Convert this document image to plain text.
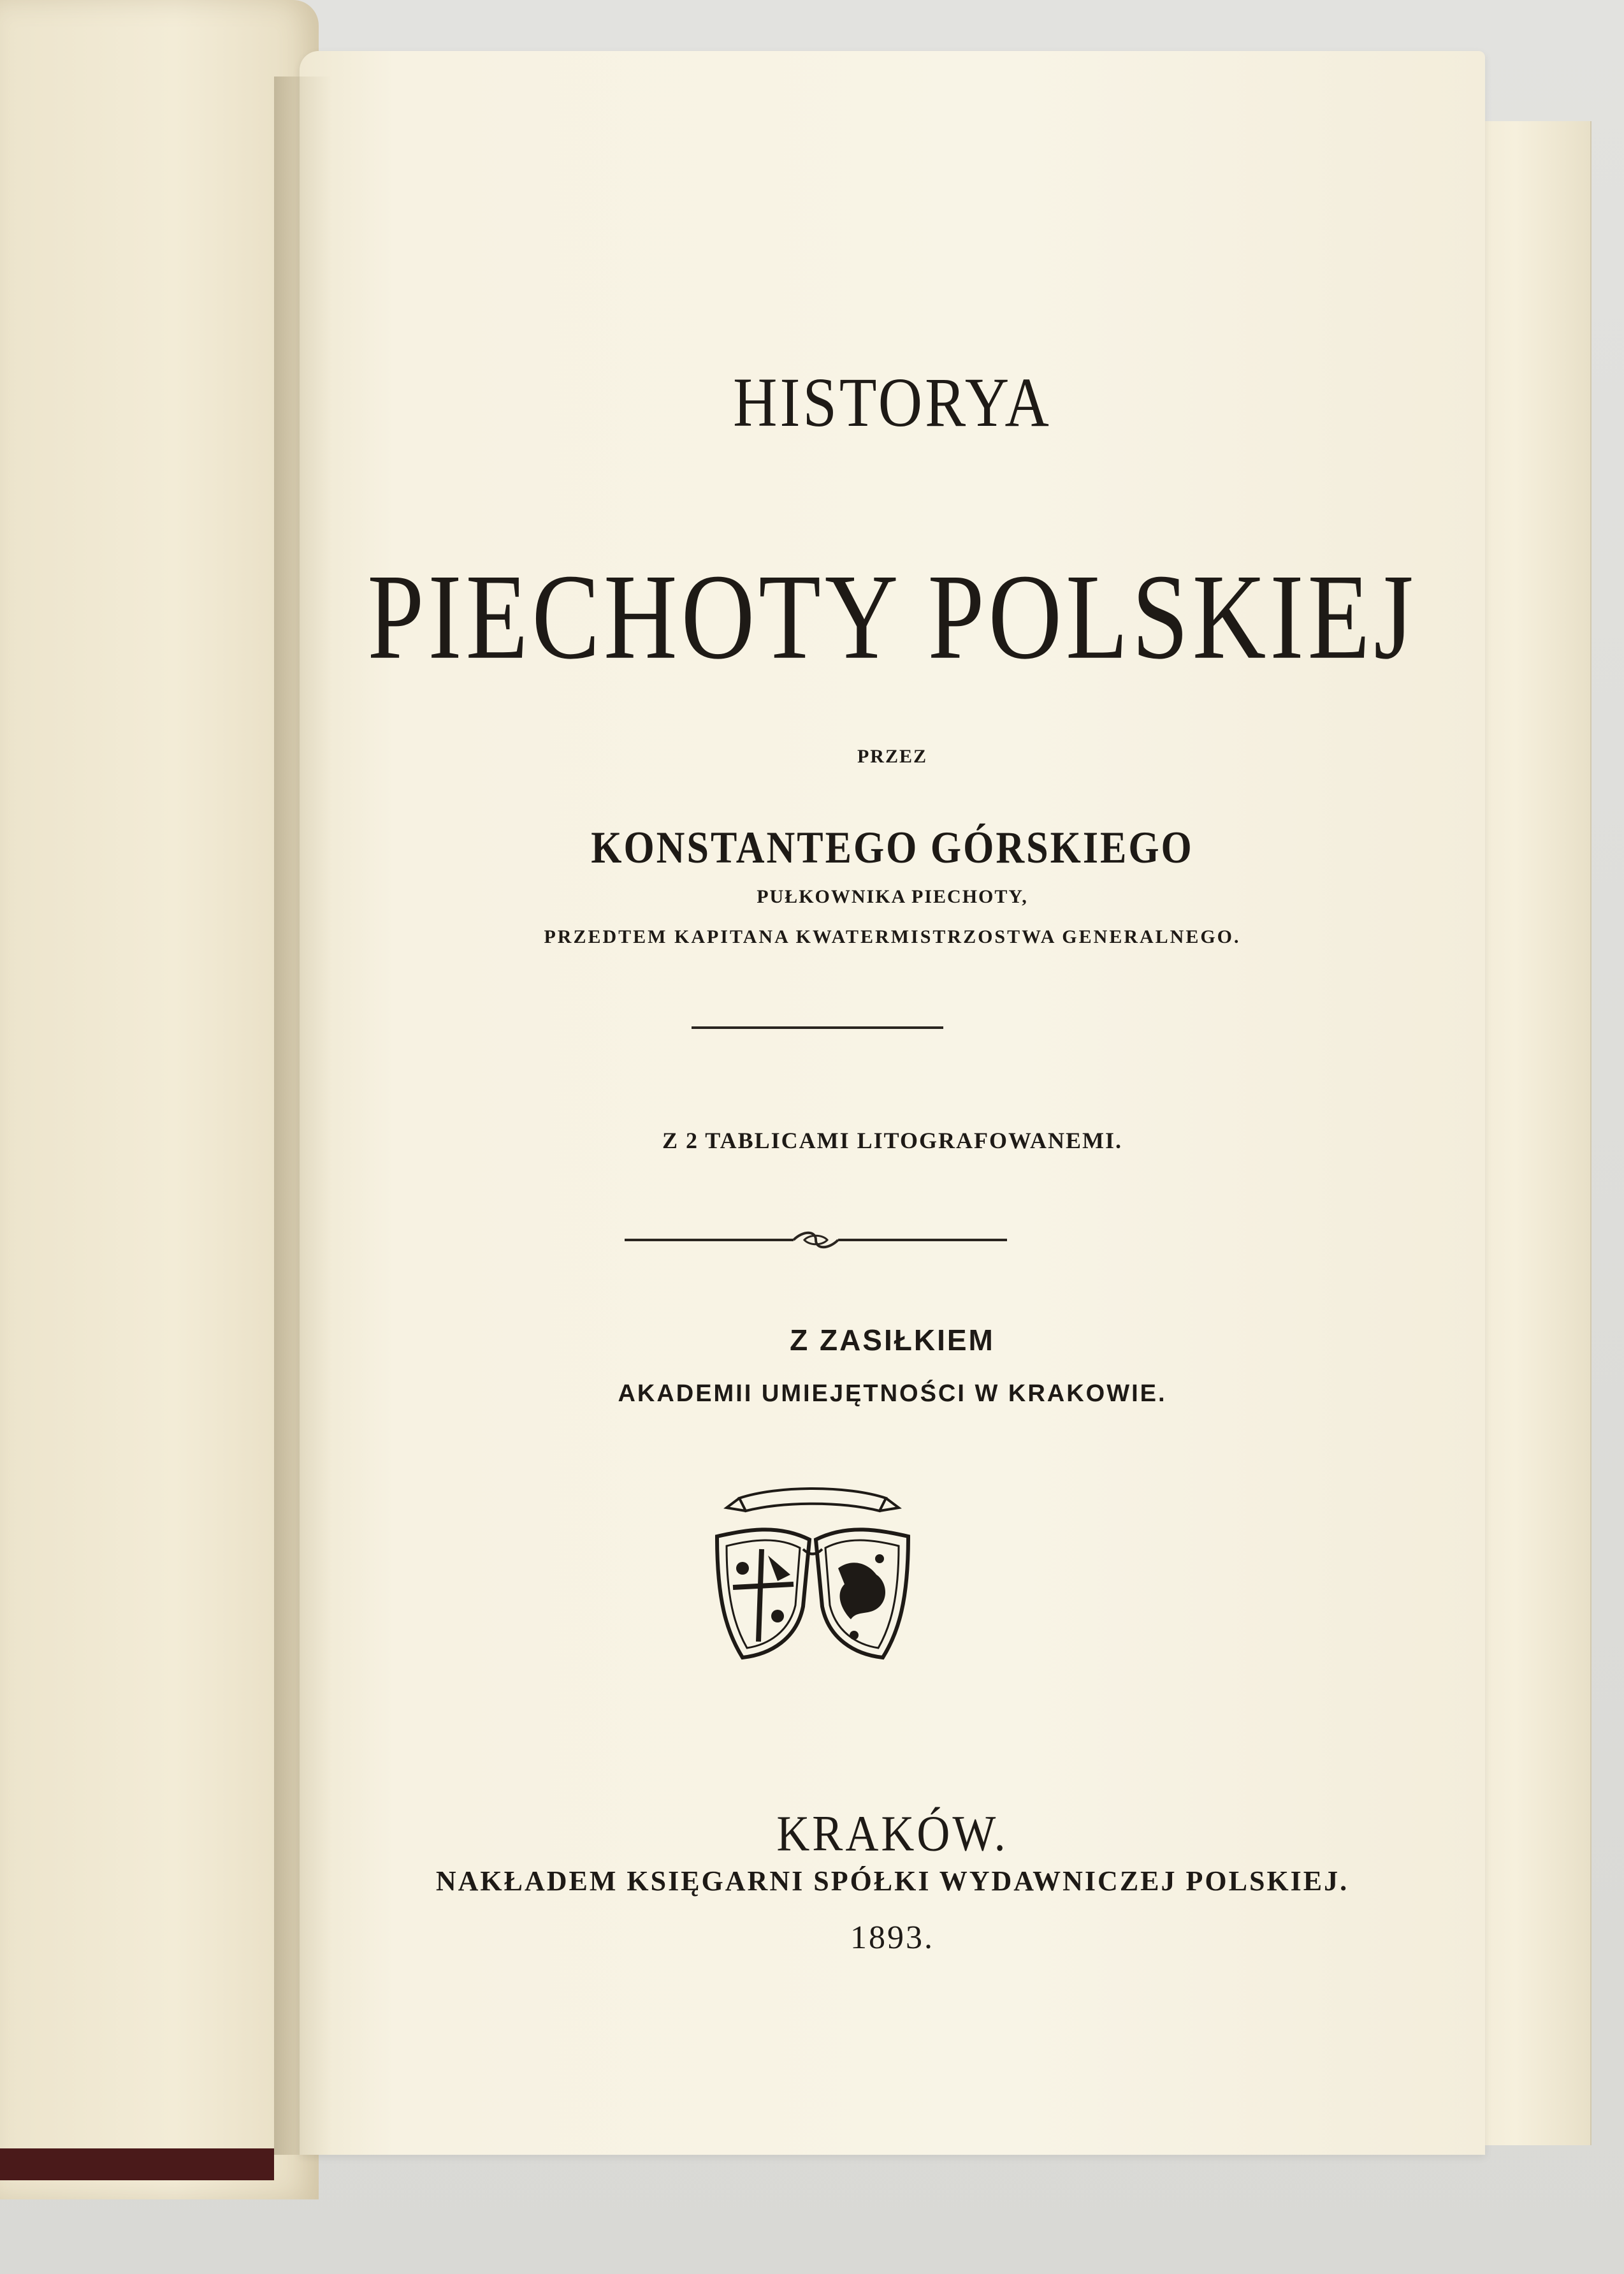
HISTORYA
PIECHOTY POLSKIEJ
PRZEZ
KONSTANTEGO GÓRSKIEGO
PUŁKOWNIKA PIECHOTY,
PRZEDTEM KAPITANA KWATERMISTRZOSTWA GENERALNEGO.
Z 2 TABLICAMI LITOGRAFOWANEMI.
Z ZASIŁKIEM
AKADEMII UMIEJĘTNOŚCI W KRAKOWIE.
KRAKÓW.
NAKŁADEM KSIĘGARNI SPÓŁKI WYDAWNICZEJ POLSKIEJ.
1893.
